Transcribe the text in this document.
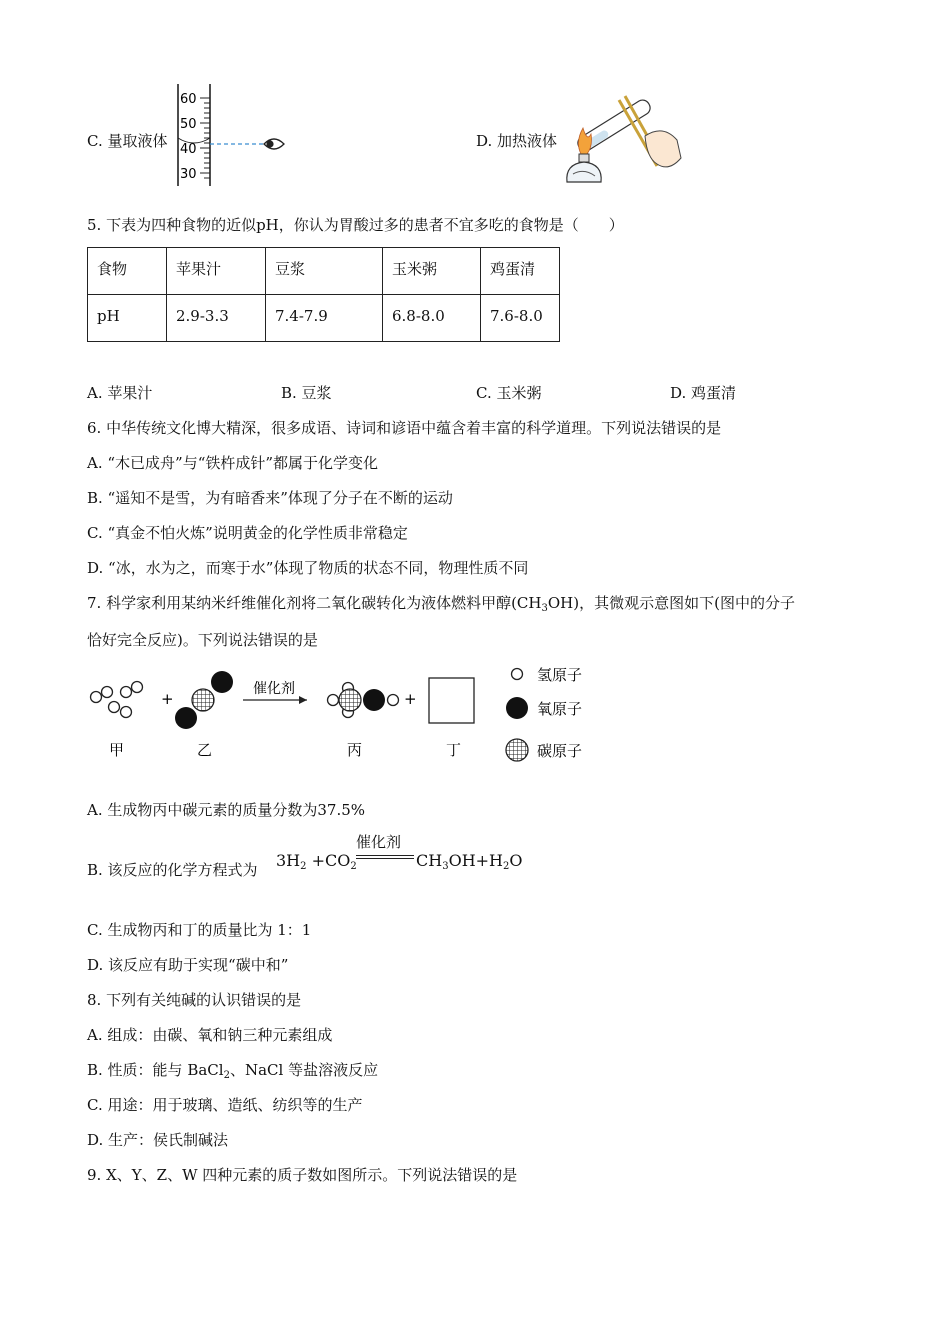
C. 量取液体
60
50
40
30
D. 加热液体
5. 下表为四种食物的近似pH，你认为胃酸过多的患者不宜多吃的食物是（　　）
食物	苹果汁	豆浆	玉米粥	鸡蛋清
pH	2.9-3.3	7.4-7.9	6.8-8.0	7.6-8.0
A. 苹果汁	B. 豆浆	C. 玉米粥	D. 鸡蛋清
6. 中华传统文化博大精深，很多成语、诗词和谚语中蕴含着丰富的科学道理。下列说法错误的是
A. “木已成舟”与“铁杵成针”都属于化学变化
B. “遥知不是雪，为有暗香来”体现了分子在不断的运动
C. “真金不怕火炼”说明黄金的化学性质非常稳定
D. “冰，水为之，而寒于水”体现了物质的状态不同，物理性质不同
7. 科学家利用某纳米纤维催化剂将二氧化碳转化为液体燃料甲醇$(CH_3OH)$，其微观示意图如下(图中的分子
恰好完全反应)。下列说法错误的是
+
催化剂
+
甲	乙	丙	丁
氢原子
氧原子
碳原子
A. 生成物丙中碳元素的质量分数为37.5%
B. 该反应的化学方程式为 $3H_2 +CO_2$
催化剂
$CH_3OH+H_2O$
C. 生成物丙和丁的质量比为 1：1
D. 该反应有助于实现“碳中和”
8. 下列有关纯碱的认识错误的是
A. 组成：由碳、氧和钠三种元素组成
B. 性质：能与 BaCl$_2$、NaCl 等盐溶液反应
C. 用途：用于玻璃、造纸、纺织等的生产
D. 生产：侯氏制碱法
9. X、Y、Z、W 四种元素的质子数如图所示。下列说法错误的是
